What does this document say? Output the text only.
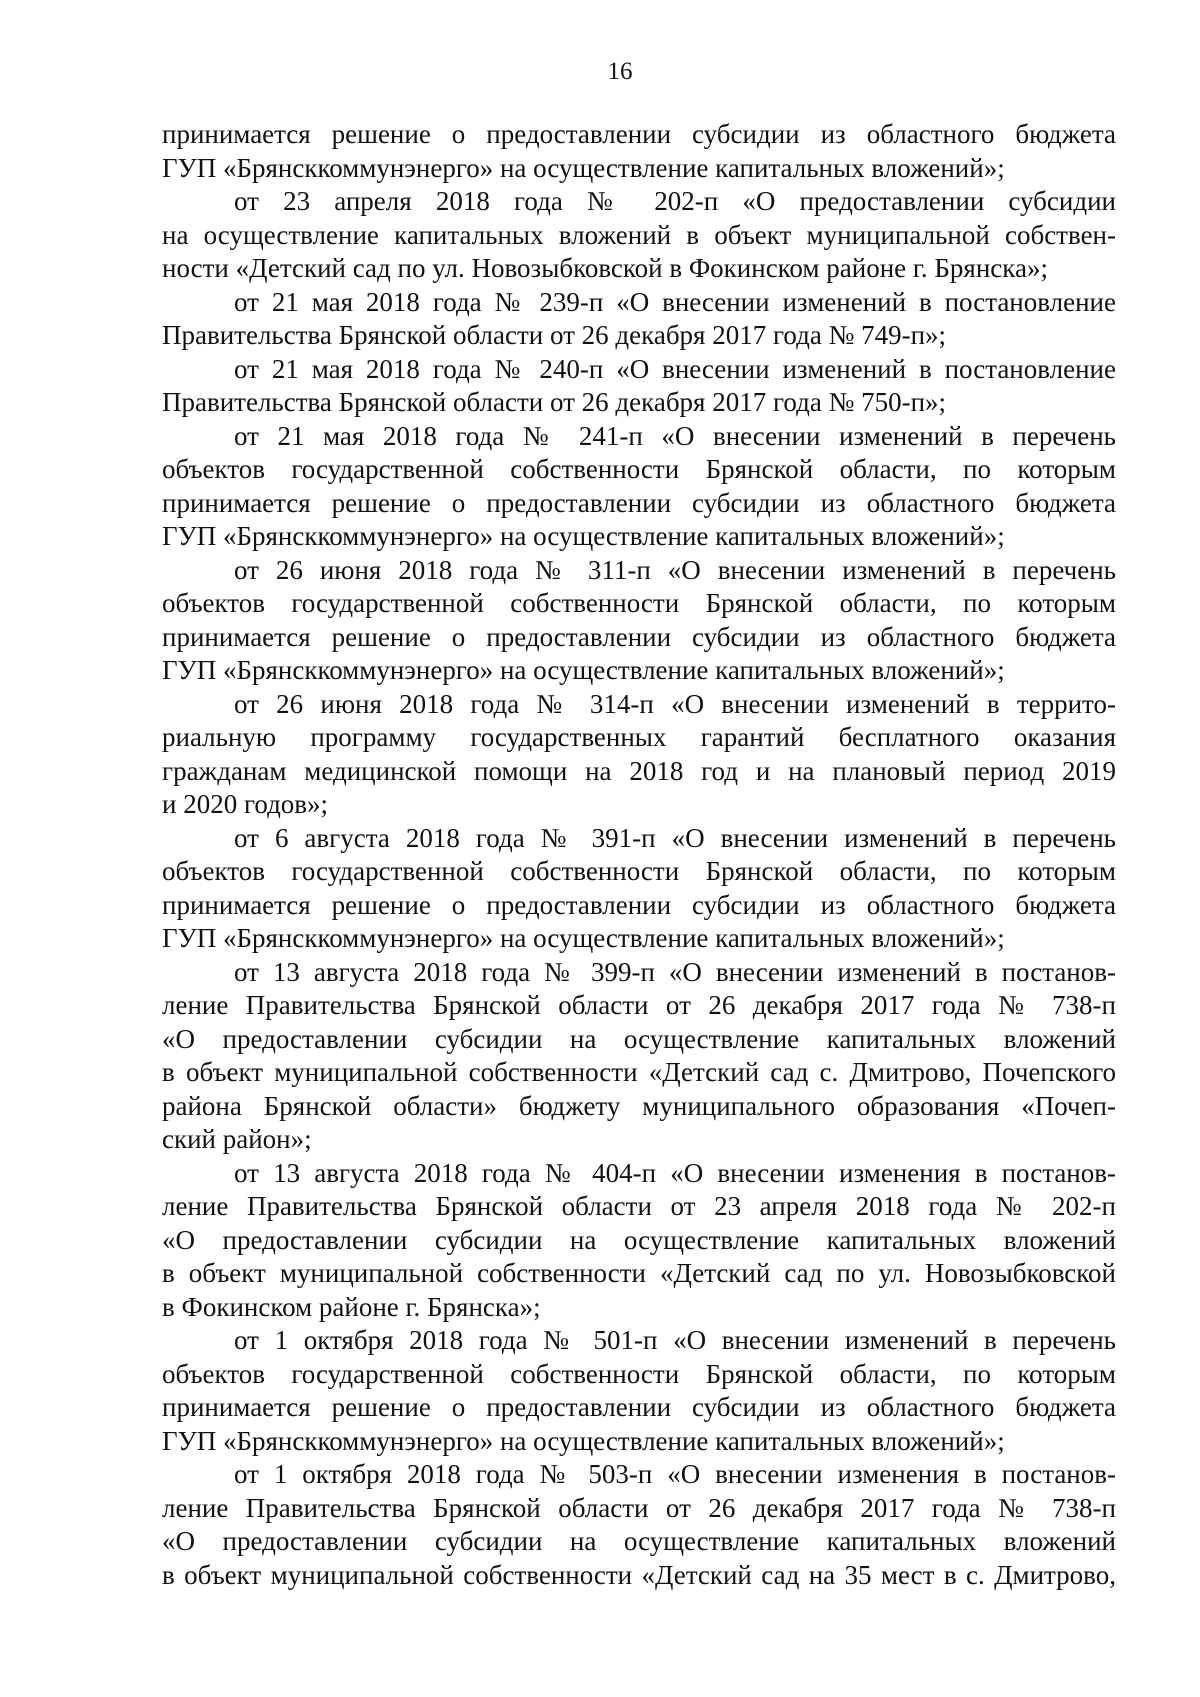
16

принимается решение о предоставлении субсидии из областного бюджета
ГУП «Брянсккоммунэнерго» на осуществление капитальных вложений»;

от 23 апреля 2018 года № 202-п «О предоставлении субсидии
на осуществление капитальных вложений в объект муниципальной собствен-
ности «Детский сад по ул. Новозыбковской в Фокинском районе г. Брянска»;

от 21 мая 2018 года № 239-п «О внесении изменений в постановление
Правительства Брянской области от 26 декабря 2017 года № 749-п»;

от 21 мая 2018 года № 240-п «О внесении изменений в постановление
Правительства Брянской области от 26 декабря 2017 года № 750-п»;

от 21 мая 2018 года № 241-п «О внесении изменений в перечень
объектов государственной собственности Брянской области, по которым
принимается решение о предоставлении субсидии из областного бюджета
ГУП «Брянсккоммунэнерго» на осуществление капитальных вложений»;

от 26 июня 2018 года № 311-п «О внесении изменений в перечень
объектов государственной собственности Брянской области, по которым
принимается решение о предоставлении субсидии из областного бюджета
ГУП «Брянсккоммунэнерго» на осуществление капитальных вложений»;

от 26 июня 2018 года № 314-п «О внесении изменений в террито-
риальную программу государственных гарантий бесплатного оказания
гражданам медицинской помощи на 2018 год и на плановый период 2019
и 2020 годов»;

от 6 августа 2018 года № 391-п «О внесении изменений в перечень
объектов государственной собственности Брянской области, по которым
принимается решение о предоставлении субсидии из областного бюджета
ГУП «Брянсккоммунэнерго» на осуществление капитальных вложений»;

от 13 августа 2018 года № 399-п «О внесении изменений в постанов-
ление Правительства Брянской области от 26 декабря 2017 года № 738-п
«О предоставлении субсидии на осуществление капитальных вложений
в объект муниципальной собственности «Детский сад с. Дмитрово, Почепского
района Брянской области» бюджету муниципального образования «Почеп-
ский район»;

от 13 августа 2018 года № 404-п «О внесении изменения в постанов-
ление Правительства Брянской области от 23 апреля 2018 года № 202-п
«О предоставлении субсидии на осуществление капитальных вложений
в объект муниципальной собственности «Детский сад по ул. Новозыбковской
в Фокинском районе г. Брянска»;

от 1 октября 2018 года № 501-п «О внесении изменений в перечень
объектов государственной собственности Брянской области, по которым
принимается решение о предоставлении субсидии из областного бюджета
ГУП «Брянсккоммунэнерго» на осуществление капитальных вложений»;

от 1 октября 2018 года № 503-п «О внесении изменения в постанов-
ление Правительства Брянской области от 26 декабря 2017 года № 738-п
«О предоставлении субсидии на осуществление капитальных вложений
в объект муниципальной собственности «Детский сад на 35 мест в с. Дмитрово,
